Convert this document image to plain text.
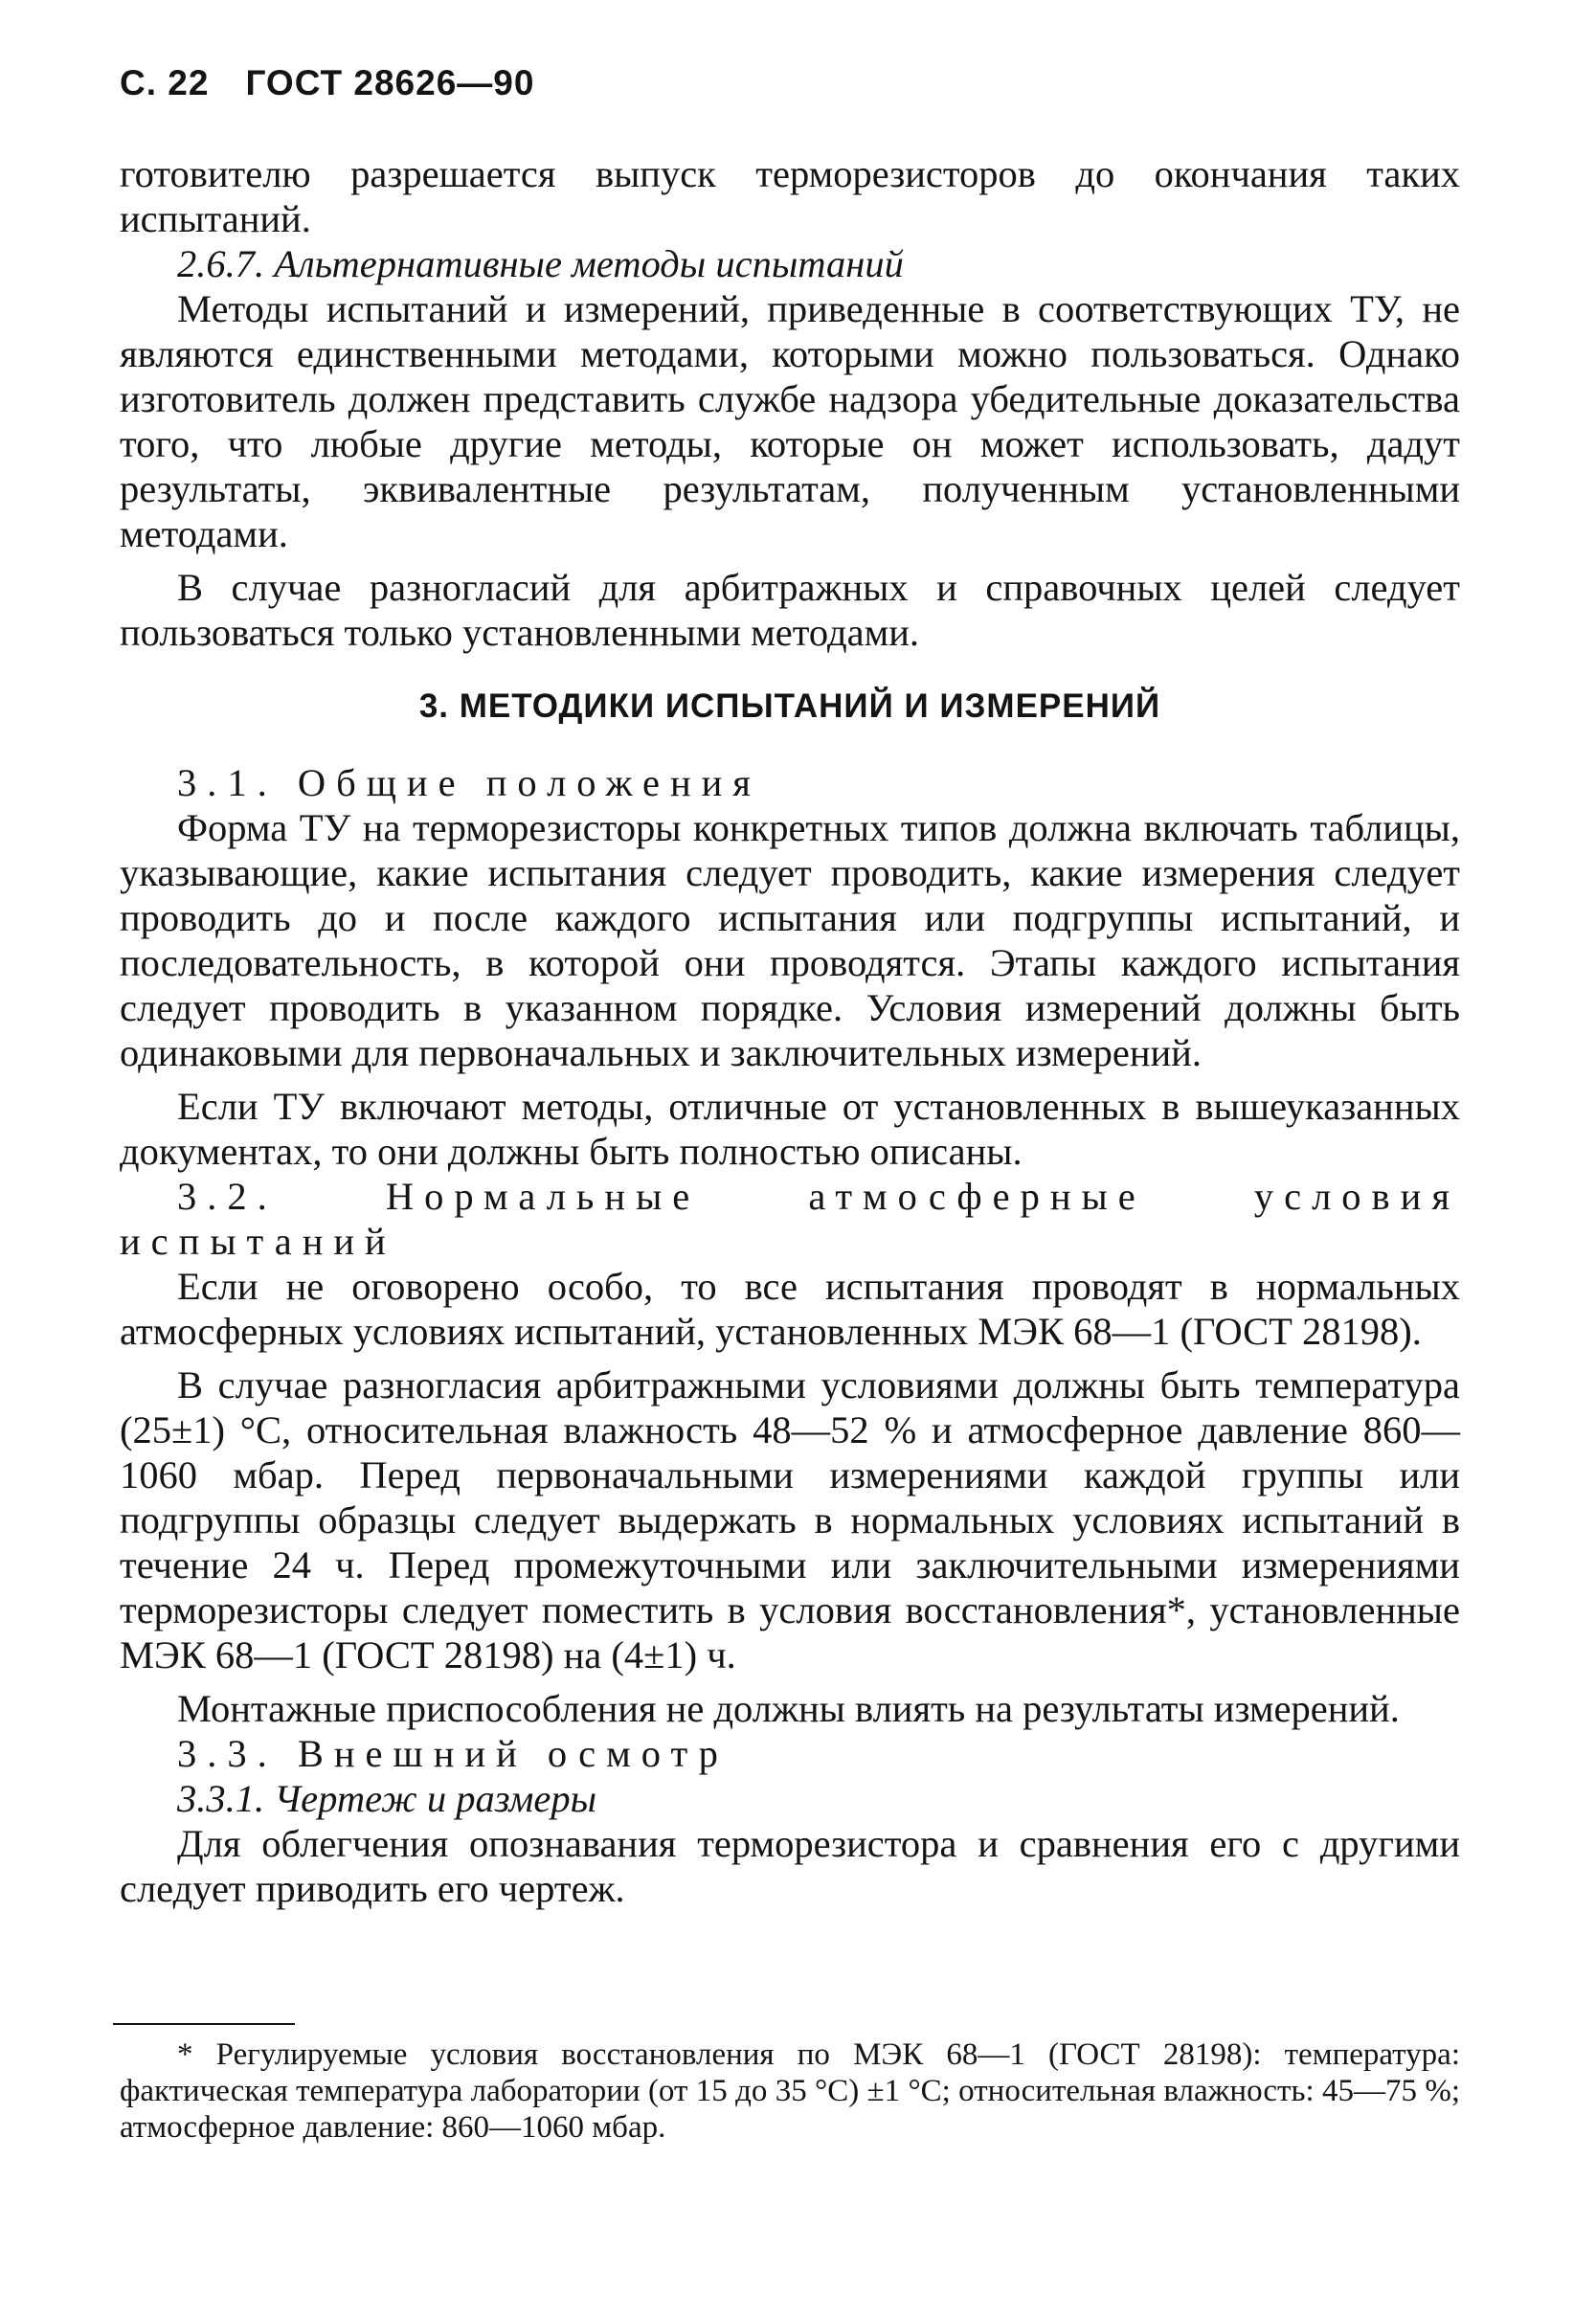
С. 22 ГОСТ 28626—90

готовителю разрешается выпуск терморезисторов до окончания таких испытаний.

2.6.7. Альтернативные методы испытаний

Методы испытаний и измерений, приведенные в соответствующих ТУ, не являются единственными методами, которыми можно пользоваться. Однако изготовитель должен представить службе надзора убедительные доказательства того, что любые другие методы, которые он может использовать, дадут результаты, эквивалентные результатам, полученным установленными методами.

В случае разногласий для арбитражных и справочных целей следует пользоваться только установленными методами.

3. МЕТОДИКИ ИСПЫТАНИЙ И ИЗМЕРЕНИЙ

3.1. Общие положения

Форма ТУ на терморезисторы конкретных типов должна включать таблицы, указывающие, какие испытания следует проводить, какие измерения следует проводить до и после каждого испытания или подгруппы испытаний, и последовательность, в которой они проводятся. Этапы каждого испытания следует проводить в указанном порядке. Условия измерений должны быть одинаковыми для первоначальных и заключительных измерений.

Если ТУ включают методы, отличные от установленных в вышеуказанных документах, то они должны быть полностью описаны.

3.2. Нормальные атмосферные условия испытаний

Если не оговорено особо, то все испытания проводят в нормальных атмосферных условиях испытаний, установленных МЭК 68—1 (ГОСТ 28198).

В случае разногласия арбитражными условиями должны быть температура (25±1) °С, относительная влажность 48—52 % и атмосферное давление 860—1060 мбар. Перед первоначальными измерениями каждой группы или подгруппы образцы следует выдержать в нормальных условиях испытаний в течение 24 ч. Перед промежуточными или заключительными измерениями терморезисторы следует поместить в условия восстановления*, установленные МЭК 68—1 (ГОСТ 28198) на (4±1) ч.

Монтажные приспособления не должны влиять на результаты измерений.

3.3. Внешний осмотр

3.3.1. Чертеж и размеры

Для облегчения опознавания терморезистора и сравнения его с другими следует приводить его чертеж.

* Регулируемые условия восстановления по МЭК 68—1 (ГОСТ 28198): температура: фактическая температура лаборатории (от 15 до 35 °С) ±1 °С; относительная влажность: 45—75 %; атмосферное давление: 860—1060 мбар.
